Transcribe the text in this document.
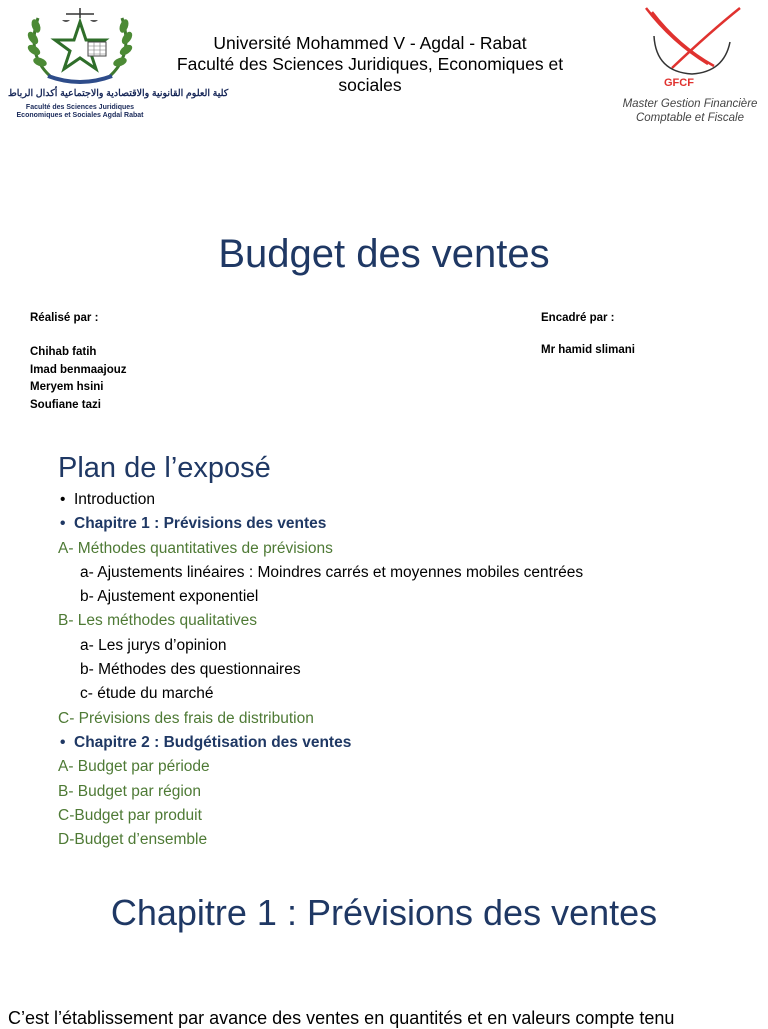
كلية العلوم القانونية والاقتصادية والاجتماعية أكدال الرباط
Faculté des Sciences Juridiques
Economiques et Sociales Agdal Rabat
Université Mohammed V - Agdal - Rabat
Faculté des Sciences Juridiques, Economiques et
sociales	GFCF
Master Gestion Financière
Comptable et Fiscale
Budget des ventes
Réalisé par :
Chihab fatih
Imad benmaajouz
Meryem hsini
Soufiane tazi
Encadré par :
Mr hamid slimani
Plan de l’exposé
• Introduction
• Chapitre 1 : Prévisions des ventes
A- Méthodes quantitatives de prévisions
a- Ajustements linéaires : Moindres carrés et moyennes mobiles centrées
b- Ajustement exponentiel
B- Les méthodes qualitatives
a- Les jurys d’opinion
b- Méthodes des questionnaires
c- étude du marché
C- Prévisions des frais de distribution
• Chapitre 2 : Budgétisation des ventes
A- Budget par période
B- Budget par région
C-Budget par produit
D-Budget d’ensemble
Chapitre 1 : Prévisions des ventes
C’est l’établissement par avance des ventes en quantités et en valeurs compte tenu
